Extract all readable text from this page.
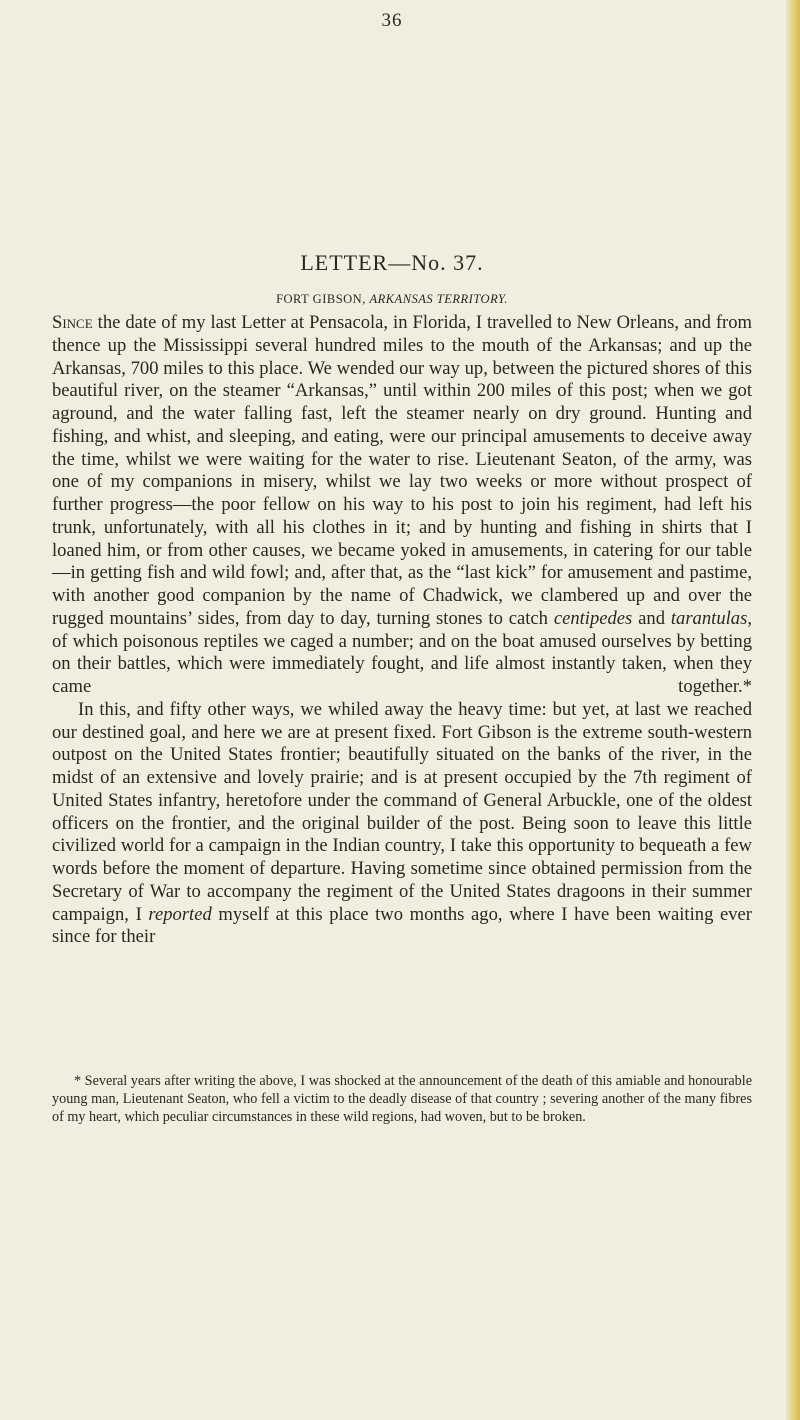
36
LETTER—No. 37.
FORT GIBSON, ARKANSAS TERRITORY.

Since the date of my last Letter at Pensacola, in Florida, I travelled to New Orleans, and from thence up the Mississippi several hundred miles to the mouth of the Arkansas; and up the Arkansas, 700 miles to this place. We wended our way up, between the pictured shores of this beautiful river, on the steamer “Arkansas,” until within 200 miles of this post; when we got aground, and the water falling fast, left the steamer nearly on dry ground. Hunting and fishing, and whist, and sleeping, and eating, were our principal amusements to deceive away the time, whilst we were waiting for the water to rise. Lieutenant Seaton, of the army, was one of my companions in misery, whilst we lay two weeks or more without prospect of further progress—the poor fellow on his way to his post to join his regiment, had left his trunk, unfortunately, with all his clothes in it; and by hunting and fishing in shirts that I loaned him, or from other causes, we became yoked in amusements, in catering for our table—in getting fish and wild fowl; and, after that, as the “last kick” for amusement and pastime, with another good companion by the name of Chadwick, we clambered up and over the rugged mountains’ sides, from day to day, turning stones to catch centipedes and tarantulas, of which poisonous reptiles we caged a number; and on the boat amused ourselves by betting on their battles, which were immediately fought, and life almost instantly taken, when they came together.*

In this, and fifty other ways, we whiled away the heavy time: but yet, at last we reached our destined goal, and here we are at present fixed. Fort Gibson is the extreme south-western outpost on the United States frontier; beautifully situated on the banks of the river, in the midst of an extensive and lovely prairie; and is at present occupied by the 7th regiment of United States infantry, heretofore under the command of General Arbuckle, one of the oldest officers on the frontier, and the original builder of the post. Being soon to leave this little civilized world for a campaign in the Indian country, I take this opportunity to bequeath a few words before the moment of departure. Having sometime since obtained permission from the Secretary of War to accompany the regiment of the United States dragoons in their summer campaign, I reported myself at this place two months ago, where I have been waiting ever since for their

* Several years after writing the above, I was shocked at the announcement of the death of this amiable and honourable young man, Lieutenant Seaton, who fell a victim to the deadly disease of that country ; severing another of the many fibres of my heart, which peculiar circumstances in these wild regions, had woven, but to be broken.
